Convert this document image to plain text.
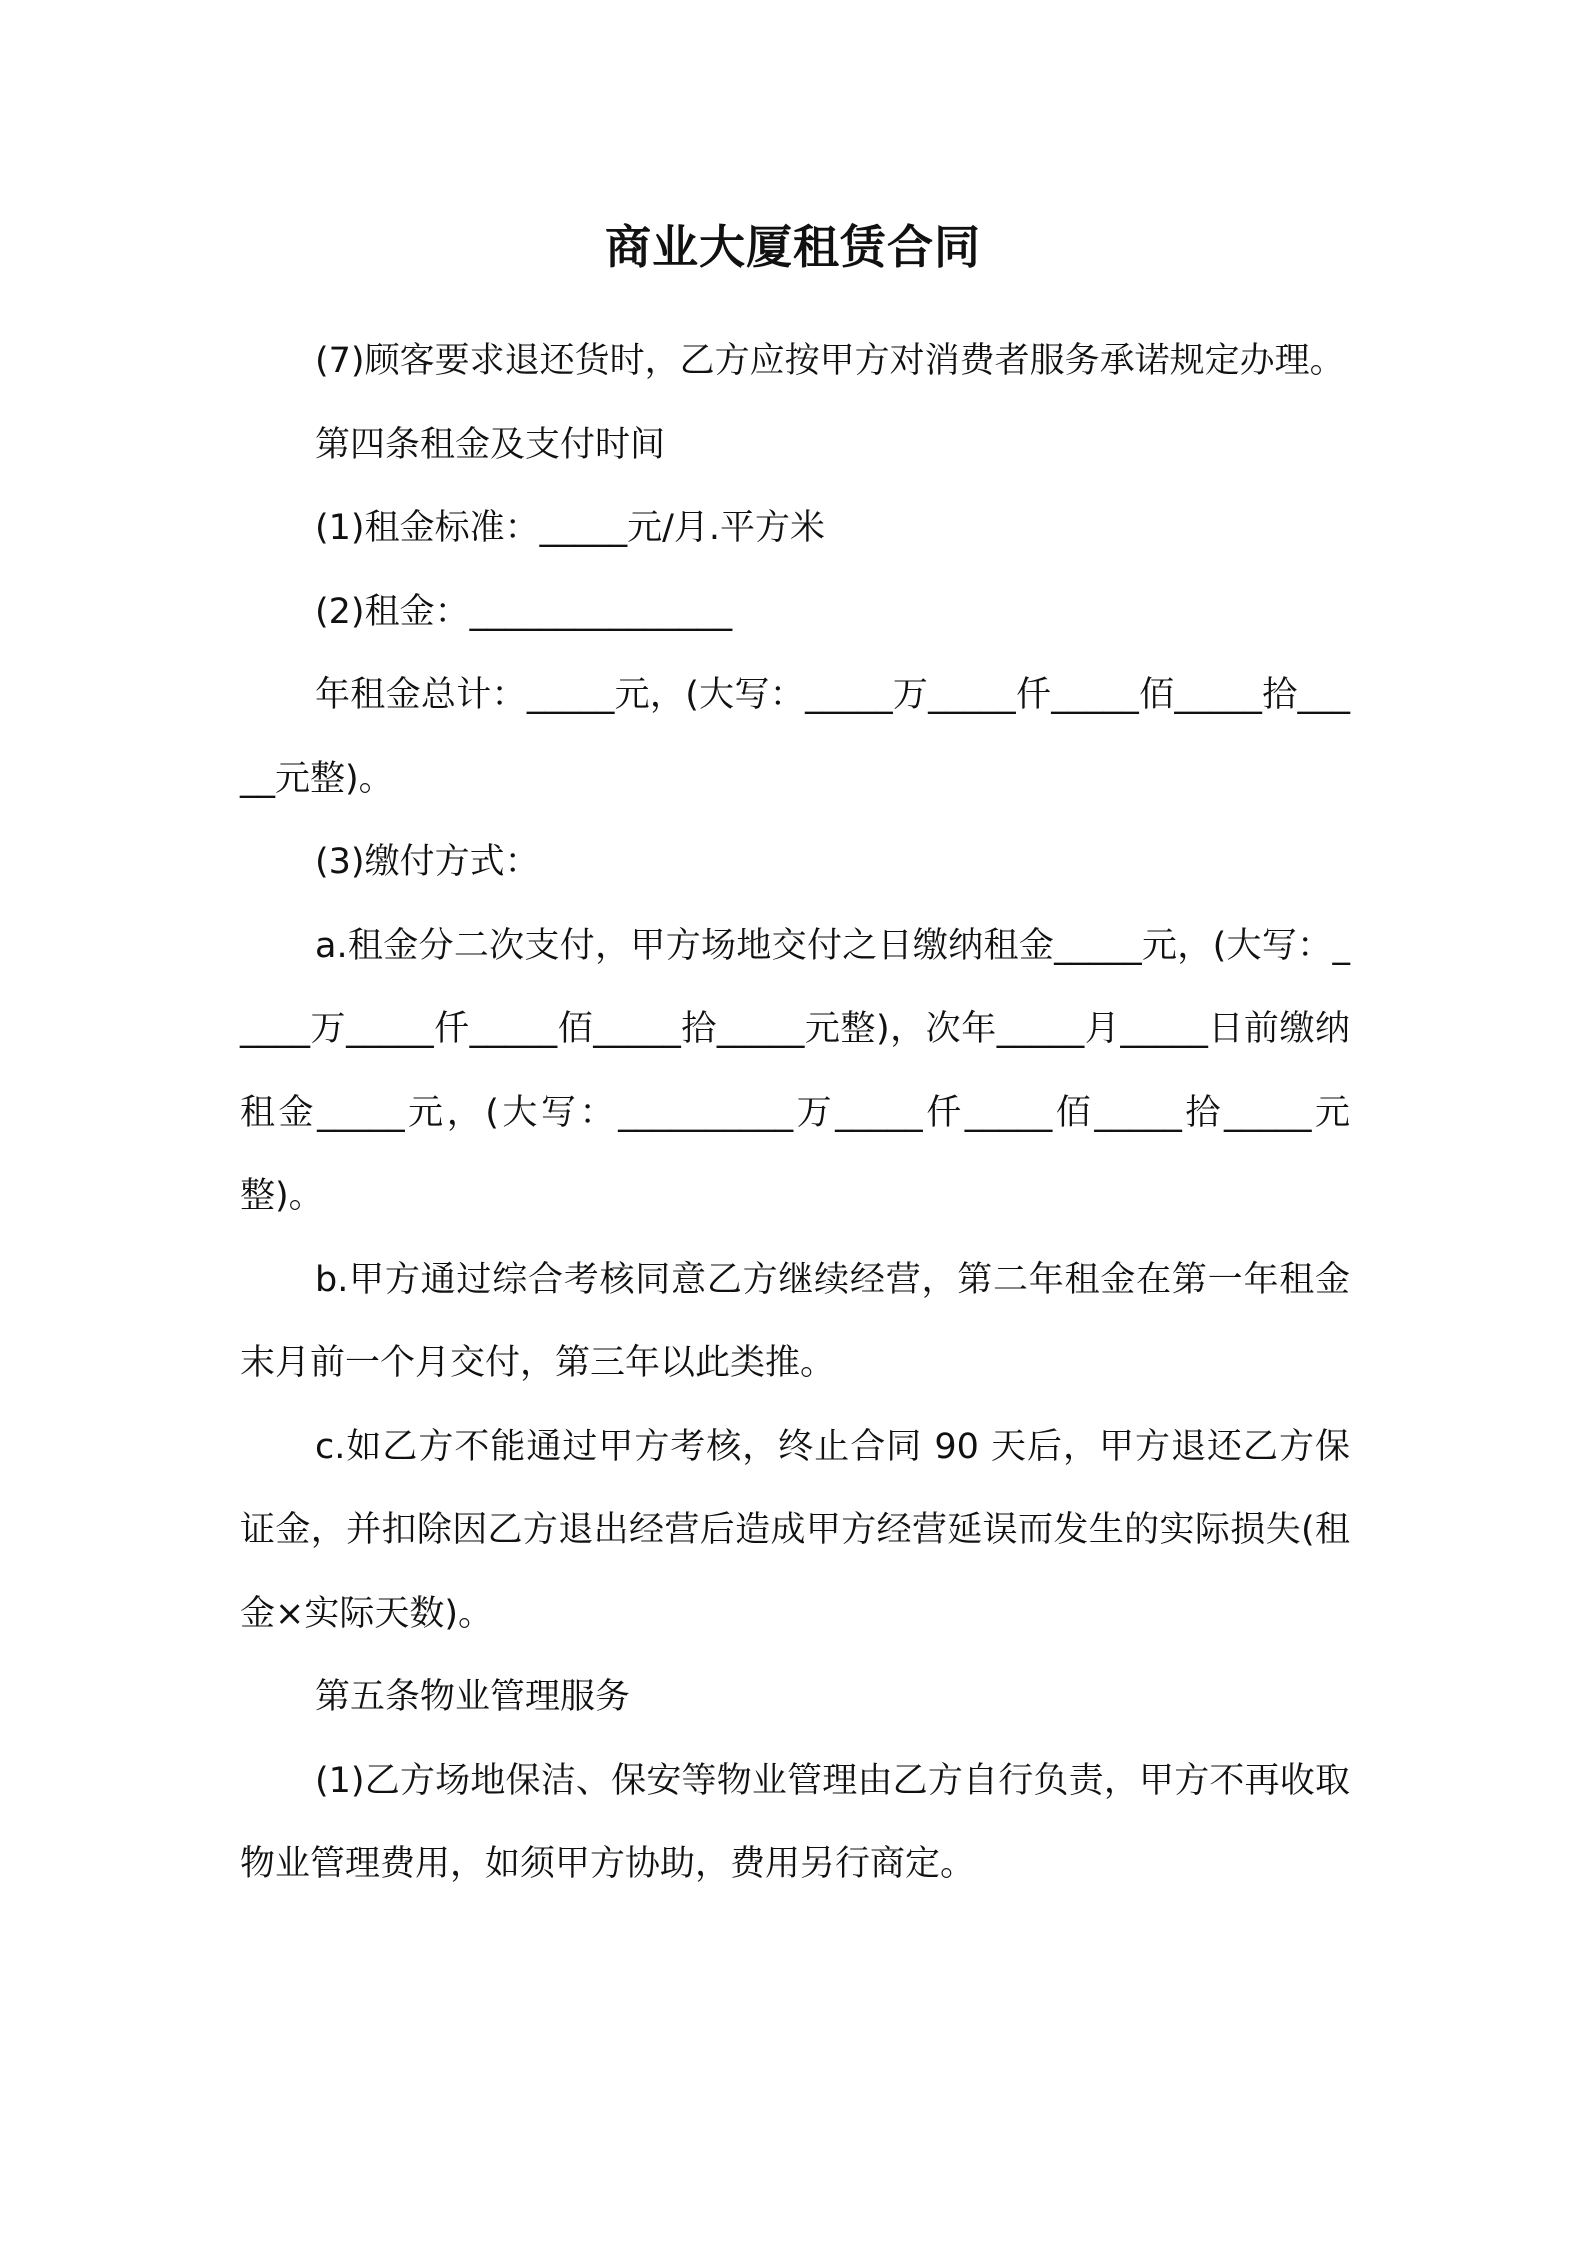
商业大厦租赁合同

(7)顾客要求退还货时，乙方应按甲方对消费者服务承诺规定办理。

第四条租金及支付时间

(1)租金标准：_____元/月.平方米

(2)租金：_______________

年租金总计：_____元，(大写：_____万_____仟_____佰_____拾_____元整)。

(3)缴付方式：

a.租金分二次支付，甲方场地交付之日缴纳租金_____元，(大写：_____万_____仟_____佰_____拾_____元整)，次年_____月_____日前缴纳租金_____元，(大写：__________万_____仟_____佰_____拾_____元整)。

b.甲方通过综合考核同意乙方继续经营，第二年租金在第一年租金末月前一个月交付，第三年以此类推。

c.如乙方不能通过甲方考核，终止合同 90 天后，甲方退还乙方保证金，并扣除因乙方退出经营后造成甲方经营延误而发生的实际损失(租金×实际天数)。

第五条物业管理服务

(1)乙方场地保洁、保安等物业管理由乙方自行负责，甲方不再收取物业管理费用，如须甲方协助，费用另行商定。
